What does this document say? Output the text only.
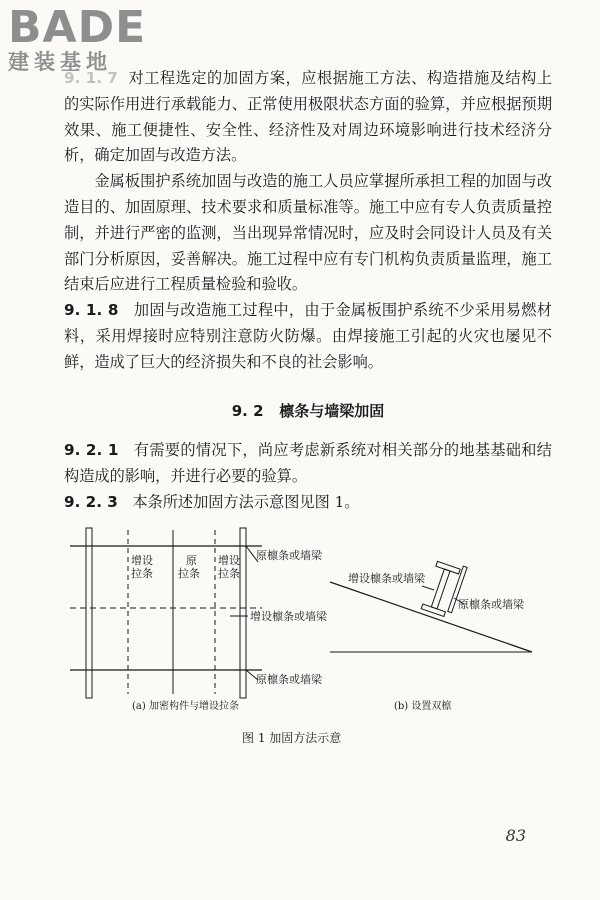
BADE
建装基地

9. 1. 7 对工程选定的加固方案，应根据施工方法、构造措施及结构上的实际作用进行承载能力、正常使用极限状态方面的验算，并应根据预期效果、施工便捷性、安全性、经济性及对周边环境影响进行技术经济分析，确定加固与改造方法。

金属板围护系统加固与改造的施工人员应掌握所承担工程的加固与改造目的、加固原理、技术要求和质量标准等。施工中应有专人负责质量控制，并进行严密的监测，当出现异常情况时，应及时会同设计人员及有关部门分析原因，妥善解决。施工过程中应有专门机构负责质量监理，施工结束后应进行工程质量检验和验收。

9. 1. 8 加固与改造施工过程中，由于金属板围护系统不少采用易燃材料，采用焊接时应特别注意防火防爆。由焊接施工引起的火灾也屡见不鲜，造成了巨大的经济损失和不良的社会影响。

9. 2 檩条与墙梁加固

9. 2. 1 有需要的情况下，尚应考虑新系统对相关部分的地基基础和结构造成的影响，并进行必要的验算。

9. 2. 3 本条所述加固方法示意图见图 1。

增设
拉条
原
拉条
增设
拉条
原檩条或墙梁
增设檩条或墙梁
原檩条或墙梁
(a) 加密构件与增设拉条
增设檩条或墙梁
原檩条或墙梁
(b) 设置双檩
图 1 加固方法示意
83
